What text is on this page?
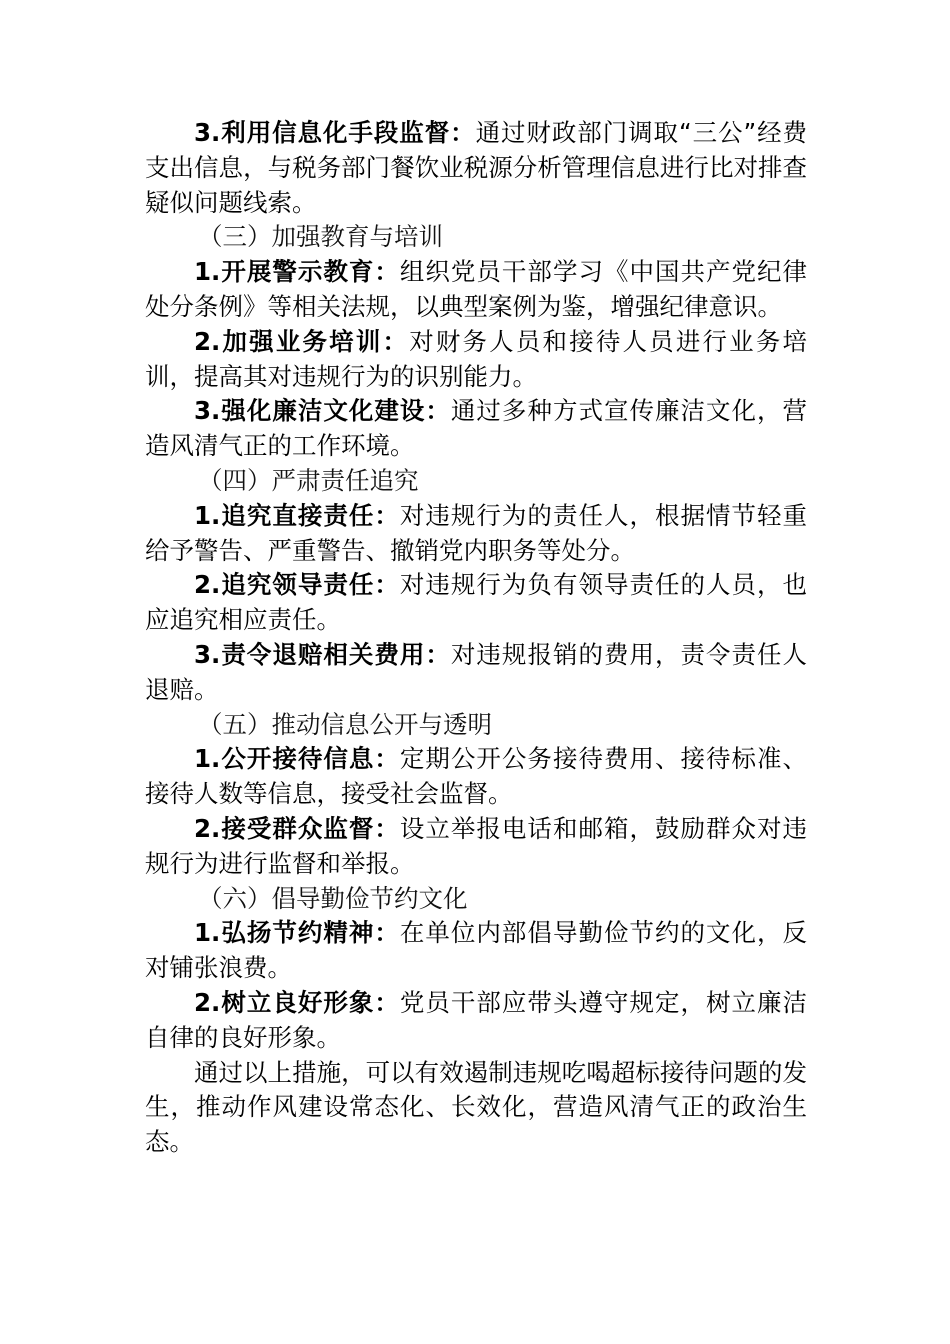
3.利用信息化手段监督：通过财政部门调取“三公”经费支出信息，与税务部门餐饮业税源分析管理信息进行比对排查疑似问题线索。

（三）加强教育与培训

1.开展警示教育：组织党员干部学习《中国共产党纪律处分条例》等相关法规，以典型案例为鉴，增强纪律意识。

2.加强业务培训：对财务人员和接待人员进行业务培训，提高其对违规行为的识别能力。

3.强化廉洁文化建设：通过多种方式宣传廉洁文化，营造风清气正的工作环境。

（四）严肃责任追究

1.追究直接责任：对违规行为的责任人，根据情节轻重给予警告、严重警告、撤销党内职务等处分。

2.追究领导责任：对违规行为负有领导责任的人员，也应追究相应责任。

3.责令退赔相关费用：对违规报销的费用，责令责任人退赔。

（五）推动信息公开与透明

1.公开接待信息：定期公开公务接待费用、接待标准、接待人数等信息，接受社会监督。

2.接受群众监督：设立举报电话和邮箱，鼓励群众对违规行为进行监督和举报。

（六）倡导勤俭节约文化

1.弘扬节约精神：在单位内部倡导勤俭节约的文化，反对铺张浪费。

2.树立良好形象：党员干部应带头遵守规定，树立廉洁自律的良好形象。

通过以上措施，可以有效遏制违规吃喝超标接待问题的发生，推动作风建设常态化、长效化，营造风清气正的政治生态。
